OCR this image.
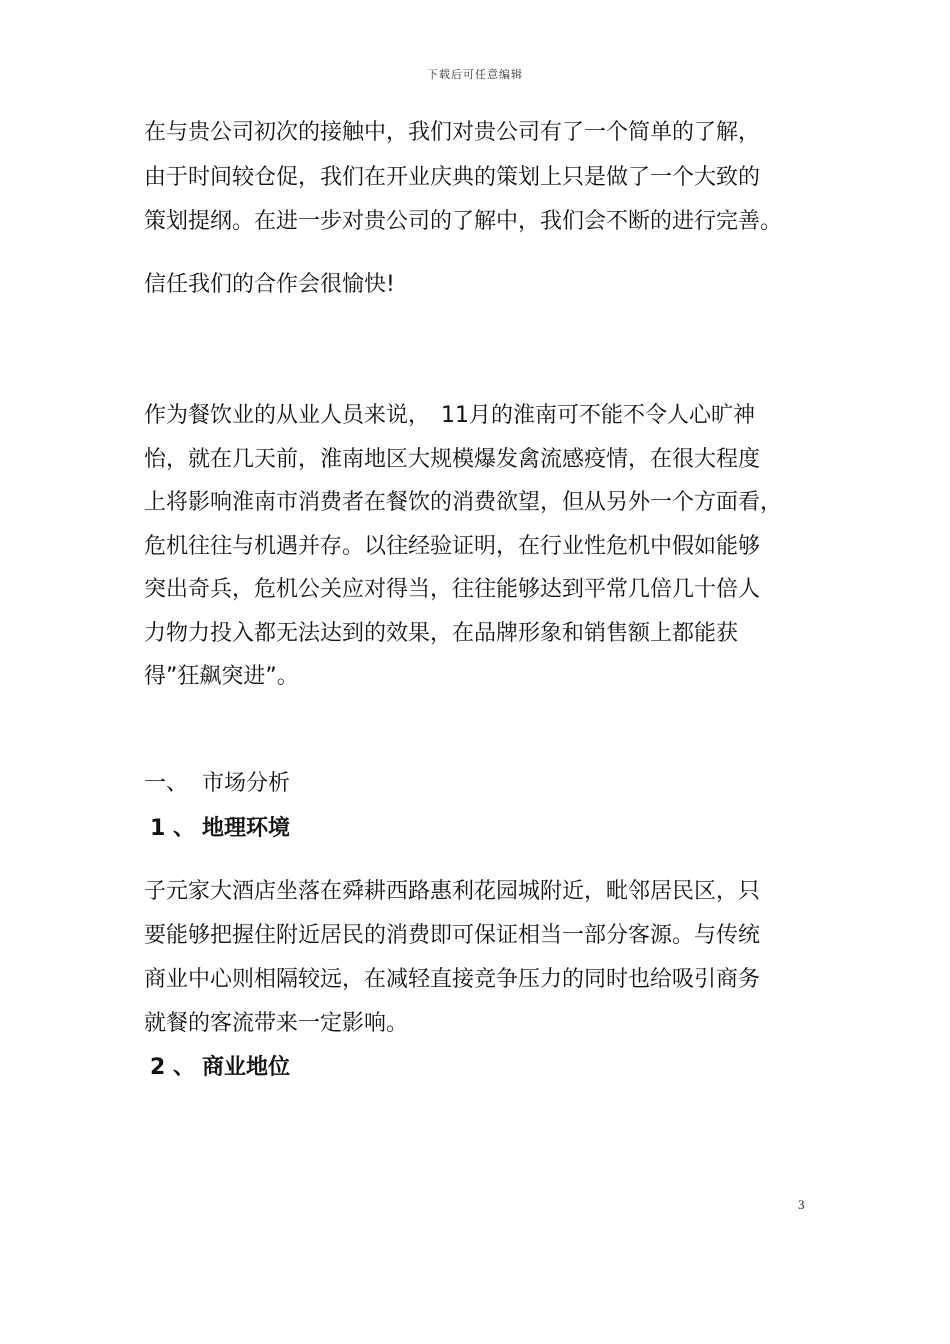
下载后可任意编辑
在与贵公司初次的接触中，我们对贵公司有了一个简单的了解，
由于时间较仓促，我们在开业庆典的策划上只是做了一个大致的
策划提纲。在进一步对贵公司的了解中，我们会不断的进行完善。
信任我们的合作会很愉快!
作为餐饮业的从业人员来说，　11月的淮南可不能不令人心旷神
怡，就在几天前，淮南地区大规模爆发禽流感疫情，在很大程度
上将影响淮南市消费者在餐饮的消费欲望，但从另外一个方面看，
危机往往与机遇并存。以往经验证明，在行业性危机中假如能够
突出奇兵，危机公关应对得当，往往能够达到平常几倍几十倍人
力物力投入都无法达到的效果，在品牌形象和销售额上都能获
得”狂飙突进”。
一、 市场分析
1 、 地理环境
子元家大酒店坐落在舜耕西路惠利花园城附近，毗邻居民区，只
要能够把握住附近居民的消费即可保证相当一部分客源。与传统
商业中心则相隔较远，在减轻直接竞争压力的同时也给吸引商务
就餐的客流带来一定影响。
2 、 商业地位
3
